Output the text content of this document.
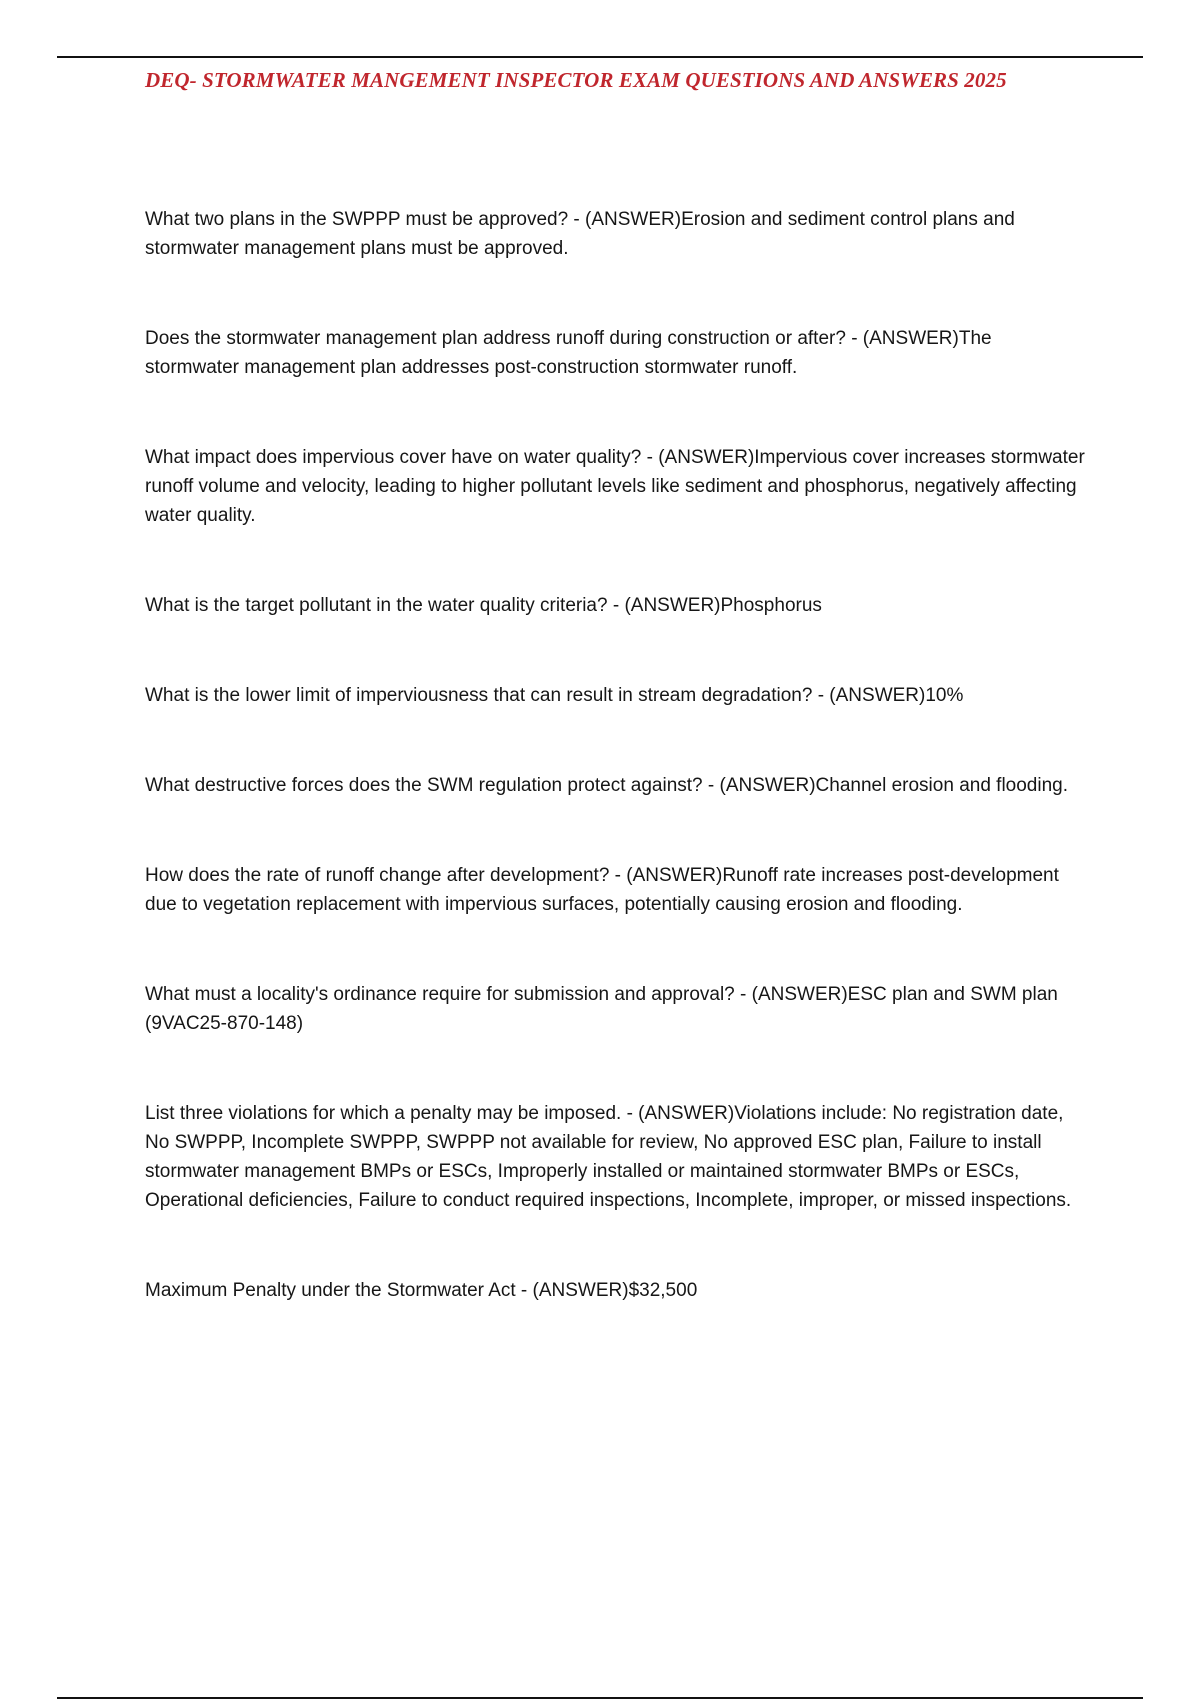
DEQ- STORMWATER MANGEMENT INSPECTOR EXAM QUESTIONS AND ANSWERS 2025

What two plans in the SWPPP must be approved? - (ANSWER)Erosion and sediment control plans and stormwater management plans must be approved.

Does the stormwater management plan address runoff during construction or after? - (ANSWER)The stormwater management plan addresses post-construction stormwater runoff.

What impact does impervious cover have on water quality? - (ANSWER)Impervious cover increases stormwater runoff volume and velocity, leading to higher pollutant levels like sediment and phosphorus, negatively affecting water quality.

What is the target pollutant in the water quality criteria? - (ANSWER)Phosphorus

What is the lower limit of imperviousness that can result in stream degradation? - (ANSWER)10%

What destructive forces does the SWM regulation protect against? - (ANSWER)Channel erosion and flooding.

How does the rate of runoff change after development? - (ANSWER)Runoff rate increases post-development due to vegetation replacement with impervious surfaces, potentially causing erosion and flooding.

What must a locality's ordinance require for submission and approval? - (ANSWER)ESC plan and SWM plan (9VAC25-870-148)

List three violations for which a penalty may be imposed. - (ANSWER)Violations include: No registration date, No SWPPP, Incomplete SWPPP, SWPPP not available for review, No approved ESC plan, Failure to install stormwater management BMPs or ESCs, Improperly installed or maintained stormwater BMPs or ESCs, Operational deficiencies, Failure to conduct required inspections, Incomplete, improper, or missed inspections.

Maximum Penalty under the Stormwater Act - (ANSWER)$32,500
